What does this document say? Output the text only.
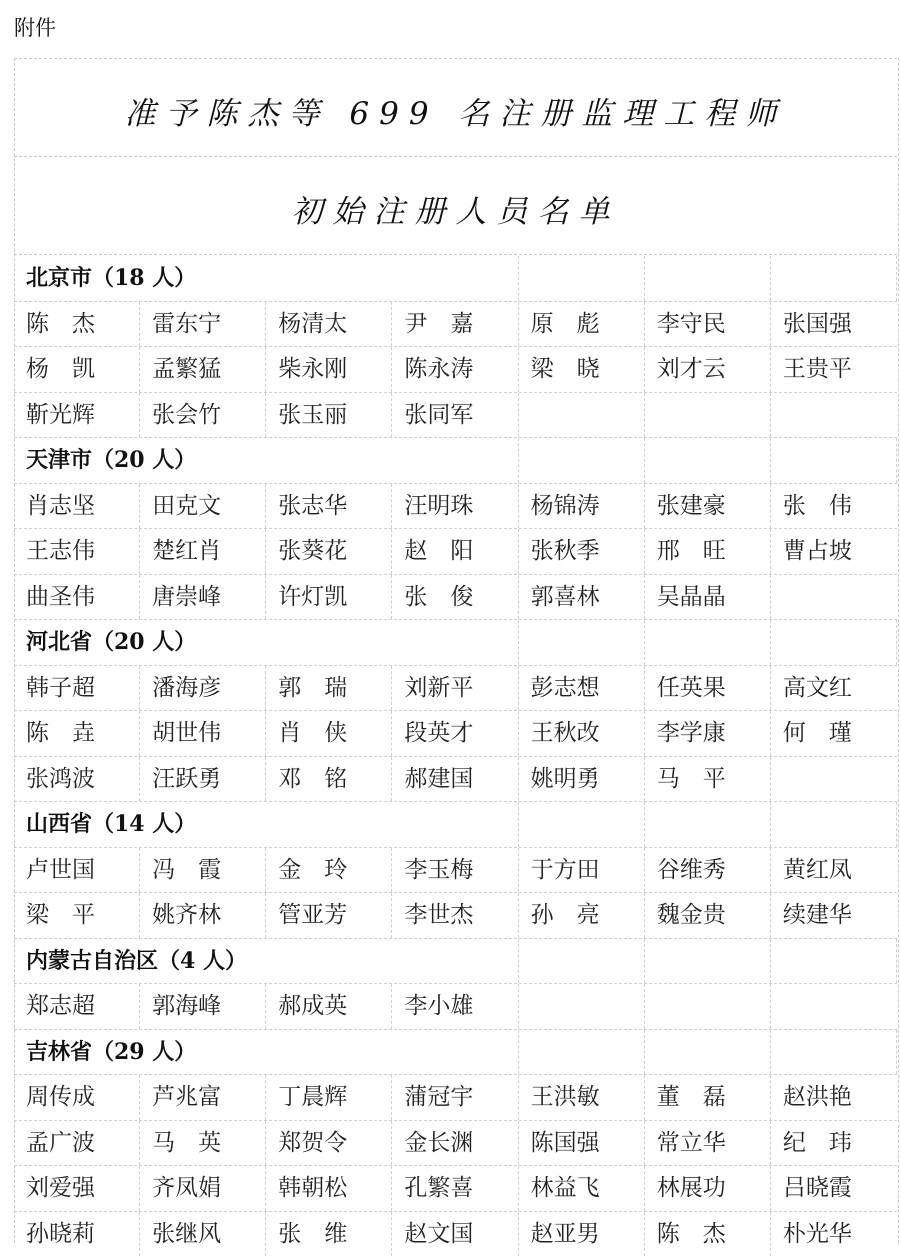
附件
准予陈杰等 699 名注册监理工程师
初始注册人员名单
北京市（18 人）
陈　杰	雷东宁	杨清太	尹　嘉	原　彪	李守民	张国强
杨　凯	孟繁猛	柴永刚	陈永涛	梁　晓	刘才云	王贵平
靳光辉	张会竹	张玉丽	张同军
天津市（20 人）
肖志坚	田克文	张志华	汪明珠	杨锦涛	张建豪	张　伟
王志伟	楚红肖	张葵花	赵　阳	张秋季	邢　旺	曹占坡
曲圣伟	唐崇峰	许灯凯	张　俊	郭喜林	吴晶晶
河北省（20 人）
韩子超	潘海彦	郭　瑞	刘新平	彭志想	任英果	高文红
陈　垚	胡世伟	肖　侠	段英才	王秋改	李学康	何　瑾
张鸿波	汪跃勇	邓　铭	郝建国	姚明勇	马　平
山西省（14 人）
卢世国	冯　霞	金　玲	李玉梅	于方田	谷维秀	黄红凤
梁　平	姚齐林	管亚芳	李世杰	孙　亮	魏金贵	续建华
内蒙古自治区（4 人）
郑志超	郭海峰	郝成英	李小雄
吉林省（29 人）
周传成	芦兆富	丁晨辉	蒲冠宇	王洪敏	董　磊	赵洪艳
孟广波	马　英	郑贺令	金长渊	陈国强	常立华	纪　玮
刘爱强	齐凤娟	韩朝松	孔繁喜	林益飞	林展功	吕晓霞
孙晓莉	张继风	张　维	赵文国	赵亚男	陈　杰	朴光华
